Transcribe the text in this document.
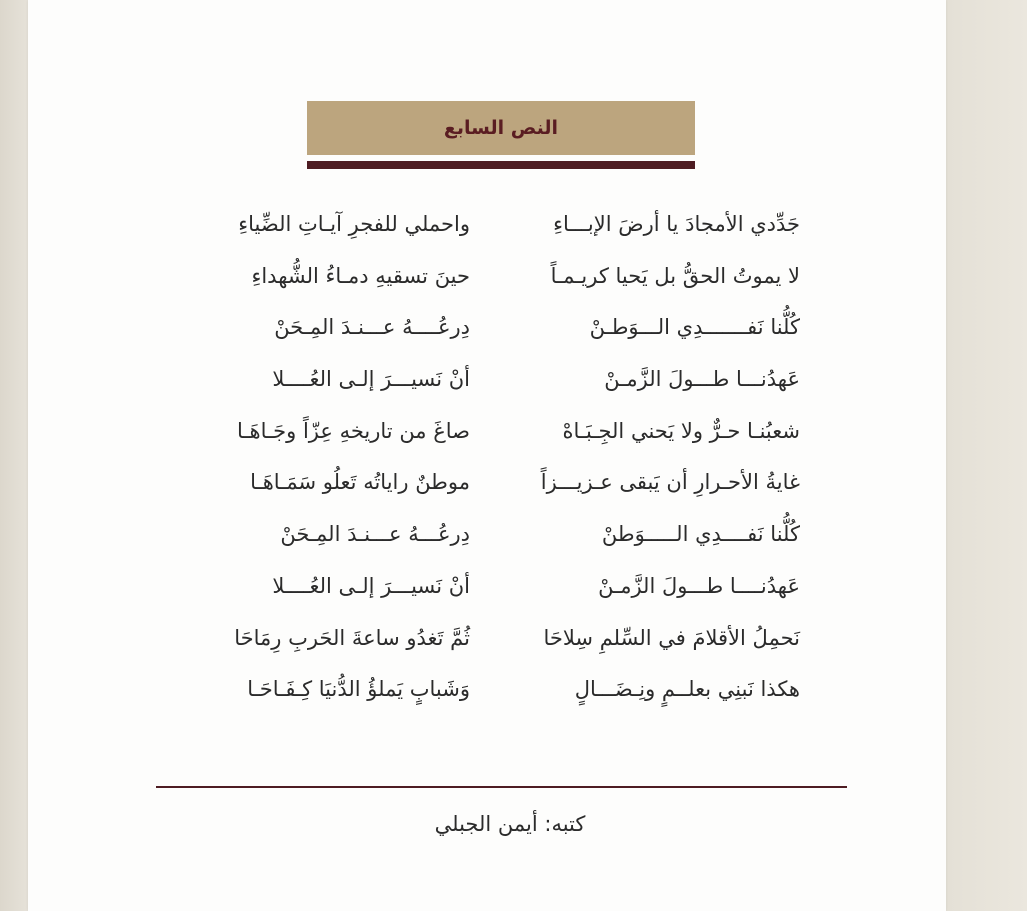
النص السابع
جَدِّدي الأمجادَ يا أرضَ الإبـــاءِ
واحملي للفجرِ آيـاتِ الضِّياءِ
لا يموتُ الحقُّ بل يَحيا كريـمـاً
حينَ تسقيهِ دمـاءُ الشُّهداءِ
كُلُّنا نَفـــــــدِي الـــوَطـنْ
دِرعُــــهُ عـــنـدَ المِـحَنْ
عَهدُنـــا طـــولَ الزَّمـنْ
أنْ نَسيـــرَ إلـى العُــــلا
شعبُنـا حـرٌّ ولا يَحني الجِـبَـاهْ
صاغَ من تاريخهِ عِزّاً وجَـاهَـا
غايةُ الأحـرارِ أن يَبقى عـزيـــزاً
موطنٌ راياتُه تَعلُو سَمَـاهَـا
كُلُّنا نَفــــدِي الـــــوَطنْ
دِرعُـــهُ عـــنـدَ المِـحَنْ
عَهدُنــــا طـــولَ الزَّمـنْ
أنْ نَسيـــرَ إلـى العُــــلا
نَحمِلُ الأقلامَ في السِّلمِ سِلاحَا
ثُمَّ تَغدُو ساعةَ الحَربِ رِمَاحَا
هكذا نَبنِي بعلــمٍ ونِـضَـــالٍ
وَشَبابٍ يَملؤُ الدُّنيَا كِـفَـاحَـا
كتبه: أيمن الجبلي
